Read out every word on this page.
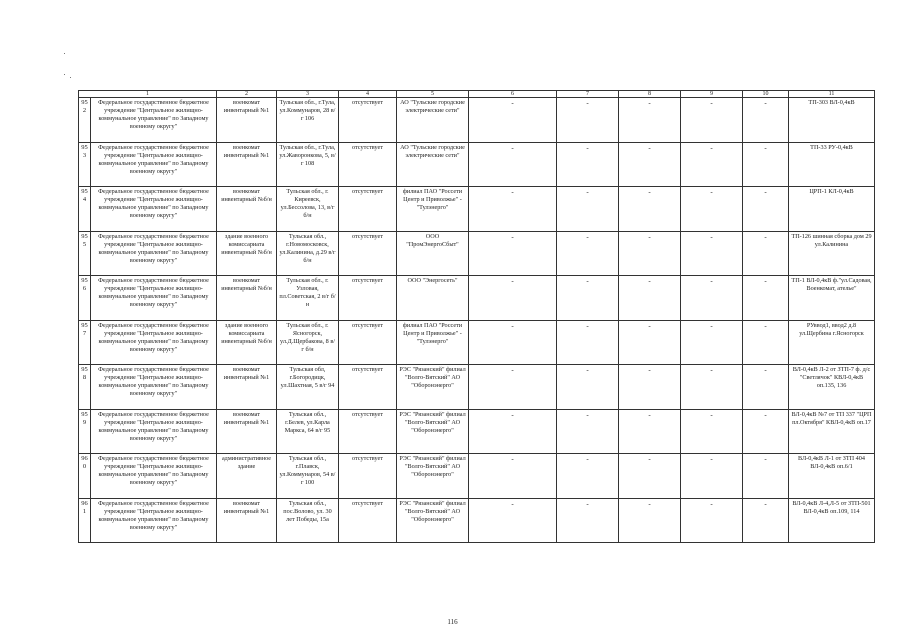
1		2	3	4	5	6	7	8	9	10	11
952	Федеральное государственное бюджетное учреждение "Центральное жилищно-коммунальное управление" по Западному военному округу"	военкомат инвентарный №1	Тульская обл., г.Тула, ул.Коммунаров, 28 в/г 106	отсутствует	АО "Тульские городские электрические сети"	-	-	-	-	-	ТП-303 ВЛ-0,4кВ
953	Федеральное государственное бюджетное учреждение "Центральное жилищно-коммунальное управление" по Западному военному округу"	военкомат инвентарный №1	Тульская обл., г.Тула, ул.Жаворонкова, 5, в/г 108	отсутствует	АО "Тульские городские электрические сети"	-	-	-	-	-	ТП-33 РУ-0,4кВ
954	Федеральное государственное бюджетное учреждение "Центральное жилищно-коммунальное управление" по Западному военному округу"	военкомат инвентарный №б/н	Тульская обл., г. Киреевск, ул.Бессолова, 13, в/г б/н	отсутствует	филиал ПАО "Россети Центр и Приволжье" - "Тулэнерго"	-	-	-	-	-	ЦРП-1 КЛ-0,4кВ
955	Федеральное государственное бюджетное учреждение "Центральное жилищно-коммунальное управление" по Западному военному округу"	здание военного комиссариата инвентарный №б/н	Тульская обл., г.Новомосковск, ул.Калинина, д.29 в/г б/н	отсутствует	ООО "ПромЭнергоСбыт"	-	-	-	-	-	ТП-126 шинная сборка дом 29 ул.Калинина
956	Федеральное государственное бюджетное учреждение "Центральное жилищно-коммунальное управление" по Западному военному округу"	военкомат инвентарный №б/н	Тульская обл., г. Узловая, пл.Советская, 2 в/г б/н	отсутствует	ООО "Энергосеть"	-	-	-	-	-	ТП-1 ВЛ-0,4кВ ф."ул.Садовая, Военкомат, ателье"
957	Федеральное государственное бюджетное учреждение "Центральное жилищно-коммунальное управление" по Западному военному округу"	здание военного комиссариата инвентарный №б/н	Тульская обл., г. Ясногорск, ул.Д.Щербакова, 8 в/г б/н	отсутствует	филиал ПАО "Россети Центр и Приволжье" - "Тулэнерго"	-	-	-	-	-	РУввод1, ввод2 д.8 ул.Щербина г.Ясногорск
958	Федеральное государственное бюджетное учреждение "Центральное жилищно-коммунальное управление" по Западному военному округу"	военкомат инвентарный №1	Тульская обл, г.Богородицк, ул.Шахтная, 5 в/г 94	отсутствует	РЭС "Рязанский" филиал "Волго-Вятский" АО "Оборонэнерго"	-	-	-	-	-	ВЛ-0,4кВ Л-2 от ЗТП-7 ф. д/с "Светлячок" КВЛ-0,4кВ оп.135, 136
959	Федеральное государственное бюджетное учреждение "Центральное жилищно-коммунальное управление" по Западному военному округу"	военкомат инвентарный №1	Тульская обл., г.Белев, ул.Карла Маркса, 64 в/г 95	отсутствует	РЭС "Рязанский" филиал "Волго-Вятский" АО "Оборонэнерго"	-	-	-	-	-	ВЛ-0,4кВ №7 от ТП 337 "ЦРП пл.Октября" КВЛ-0,4кВ оп.17
960	Федеральное государственное бюджетное учреждение "Центральное жилищно-коммунальное управление" по Западному военному округу"	административное здание	Тульская обл., г.Плавск, ул.Коммунаров, 54 в/г 100	отсутствует	РЭС "Рязанский" филиал "Волго-Вятский" АО "Оборонэнерго"	-	-	-	-	-	ВЛ-0,4кВ Л-1 от ЗТП 404 ВЛ-0,4кВ оп.6/1
961	Федеральное государственное бюджетное учреждение "Центральное жилищно-коммунальное управление" по Западному военному округу"	военкомат инвентарный №1	Тульская обл., пос.Волово, ул. 30 лет Победы, 15а	отсутствует	РЭС "Рязанский" филиал "Волго-Вятский" АО "Оборонэнерго"	-	-	-	-	-	ВЛ-0,4кВ Л-4,Л-5 от ЗТП-501 ВЛ-0,4кВ оп.109, 114
116
